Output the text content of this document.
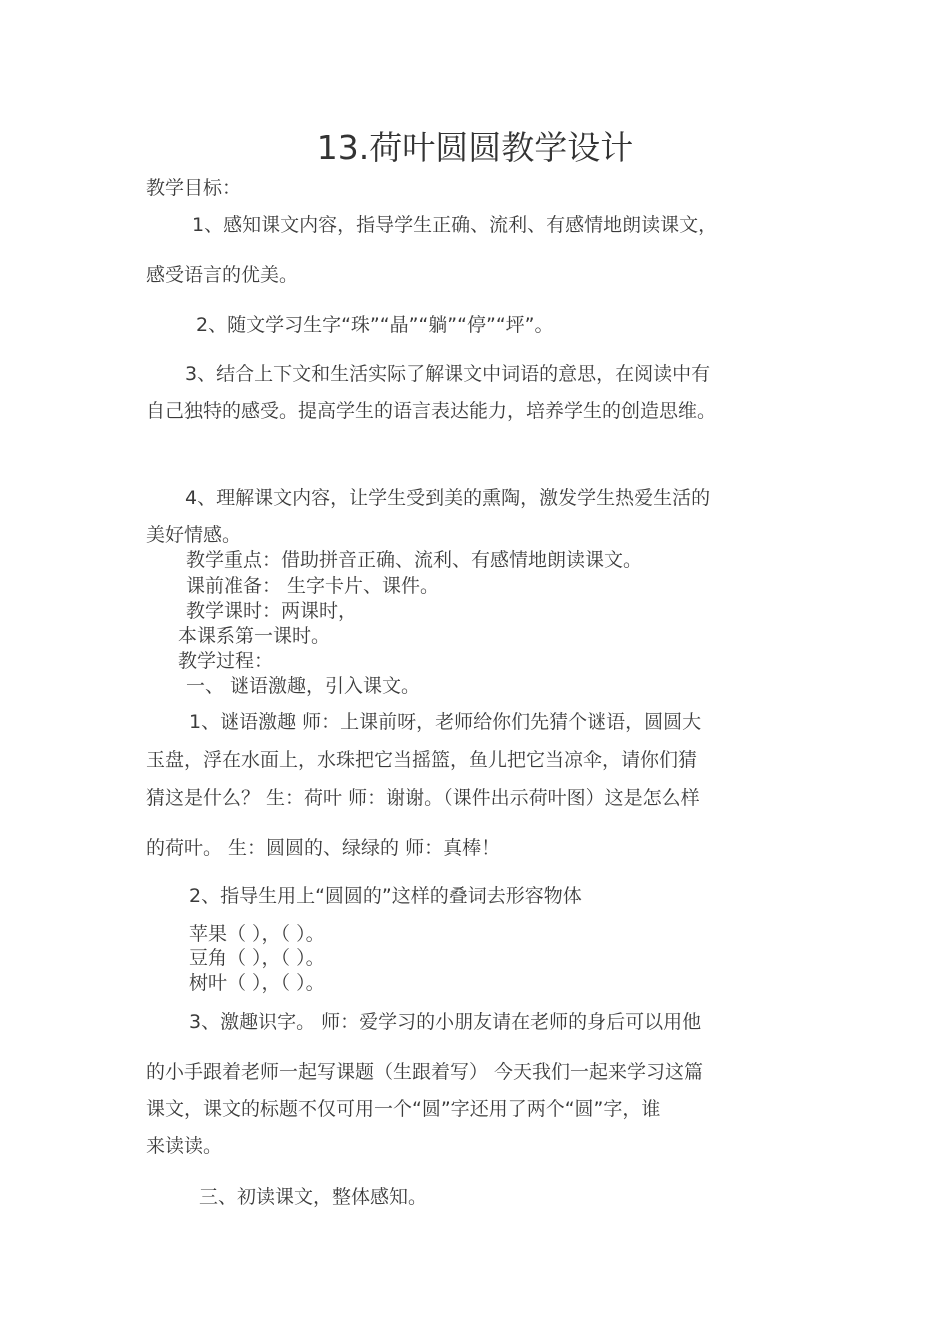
13.荷叶圆圆教学设计
教学目标：
1、感知课文内容，指导学生正确、流利、有感情地朗读课文，
感受语言的优美。
2、随文学习生字“珠”“晶”“躺”“停”“坪”。
3、结合上下文和生活实际了解课文中词语的意思，在阅读中有
自己独特的感受。提高学生的语言表达能力，培养学生的创造思维。
4、理解课文内容，让学生受到美的熏陶，激发学生热爱生活的
美好情感。
教学重点：借助拼音正确、流利、有感情地朗读课文。
课前准备： 生字卡片、课件。
教学课时：两课时，
本课系第一课时。
教学过程：
一、 谜语激趣，引入课文。
1、谜语激趣 师：上课前呀，老师给你们先猜个谜语，圆圆大
玉盘，浮在水面上，水珠把它当摇篮，鱼儿把它当凉伞，请你们猜
猜这是什么？ 生：荷叶 师：谢谢。（课件出示荷叶图）这是怎么样
的荷叶。 生：圆圆的、绿绿的 师：真棒！
2、指导生用上“圆圆的”这样的叠词去形容物体
苹果（ ），（ ）。
豆角（ ），（ ）。
树叶（ ），（ ）。
3、激趣识字。 师：爱学习的小朋友请在老师的身后可以用他
的小手跟着老师一起写课题（生跟着写） 今天我们一起来学习这篇
课文，课文的标题不仅可用一个“圆”字还用了两个“圆”字，谁
来读读。
三、初读课文，整体感知。
